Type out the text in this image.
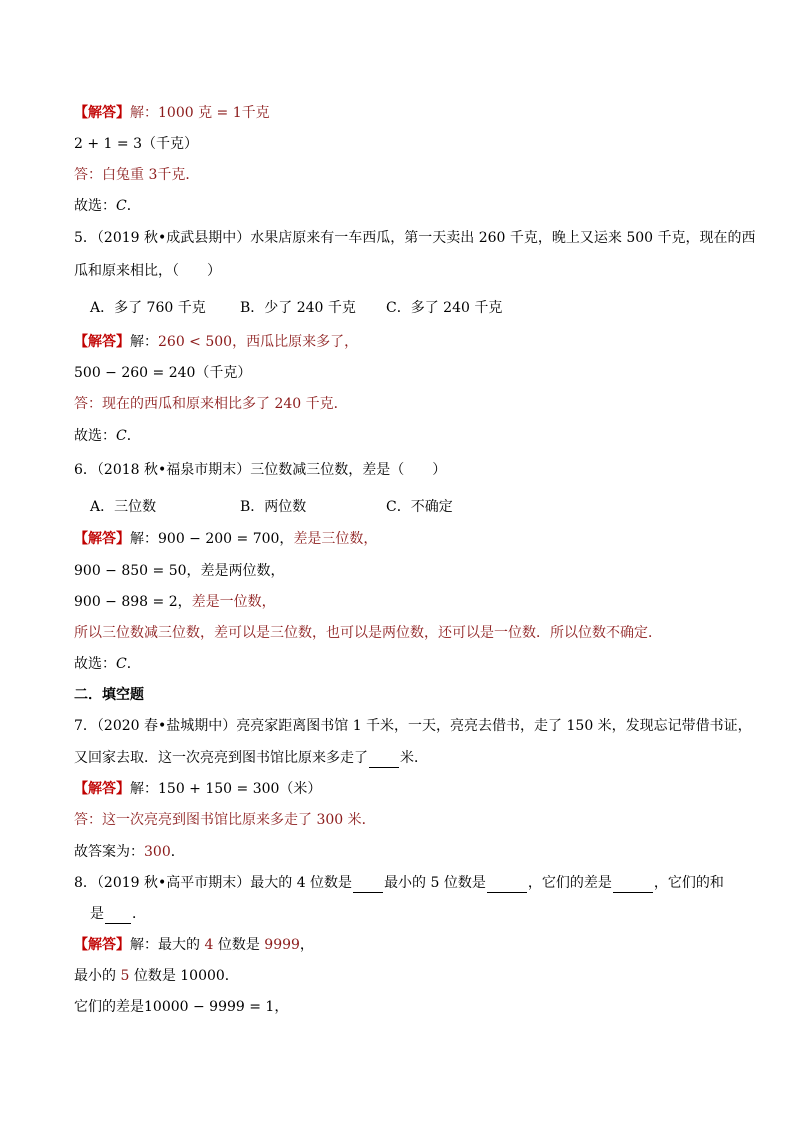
【解答】解：1000 克 = 1千克
2 + 1 = 3（千克）
答：白兔重 3千克．
故选：C．
5．（2019 秋•成武县期中）水果店原来有一车西瓜，第一天卖出 260 千克，晚上又运来 500 千克，现在的西
瓜和原来相比，（　　）
A．多了 760 千克 B．少了 240 千克 C．多了 240 千克
【解答】解：260 < 500，西瓜比原来多了，
500 − 260 = 240（千克）
答：现在的西瓜和原来相比多了 240 千克．
故选：C．
6．（2018 秋•福泉市期末）三位数减三位数，差是（　　）
A．三位数	B．两位数	C．不确定
【解答】解：900 − 200 = 700，差是三位数，
900 − 850 = 50，差是两位数，
900 − 898 = 2，差是一位数，
所以三位数减三位数，差可以是三位数，也可以是两位数，还可以是一位数．所以位数不确定．
故选：C．
二．填空题
7．（2020 春•盐城期中）亮亮家距离图书馆 1 千米，一天，亮亮去借书，走了 150 米，发现忘记带借书证，
又回家去取．这一次亮亮到图书馆比原来多走了 米．
【解答】解：150 + 150 = 300（米）
答：这一次亮亮到图书馆比原来多走了 300 米．
故答案为：300．
8．（2019 秋•高平市期末）最大的 4 位数是 最小的 5 位数是	，它们的差是	，它们的和
是 ．
【解答】解：最大的 4 位数是 9999，
最小的 5 位数是 10000．
它们的差是10000 − 9999 = 1，
